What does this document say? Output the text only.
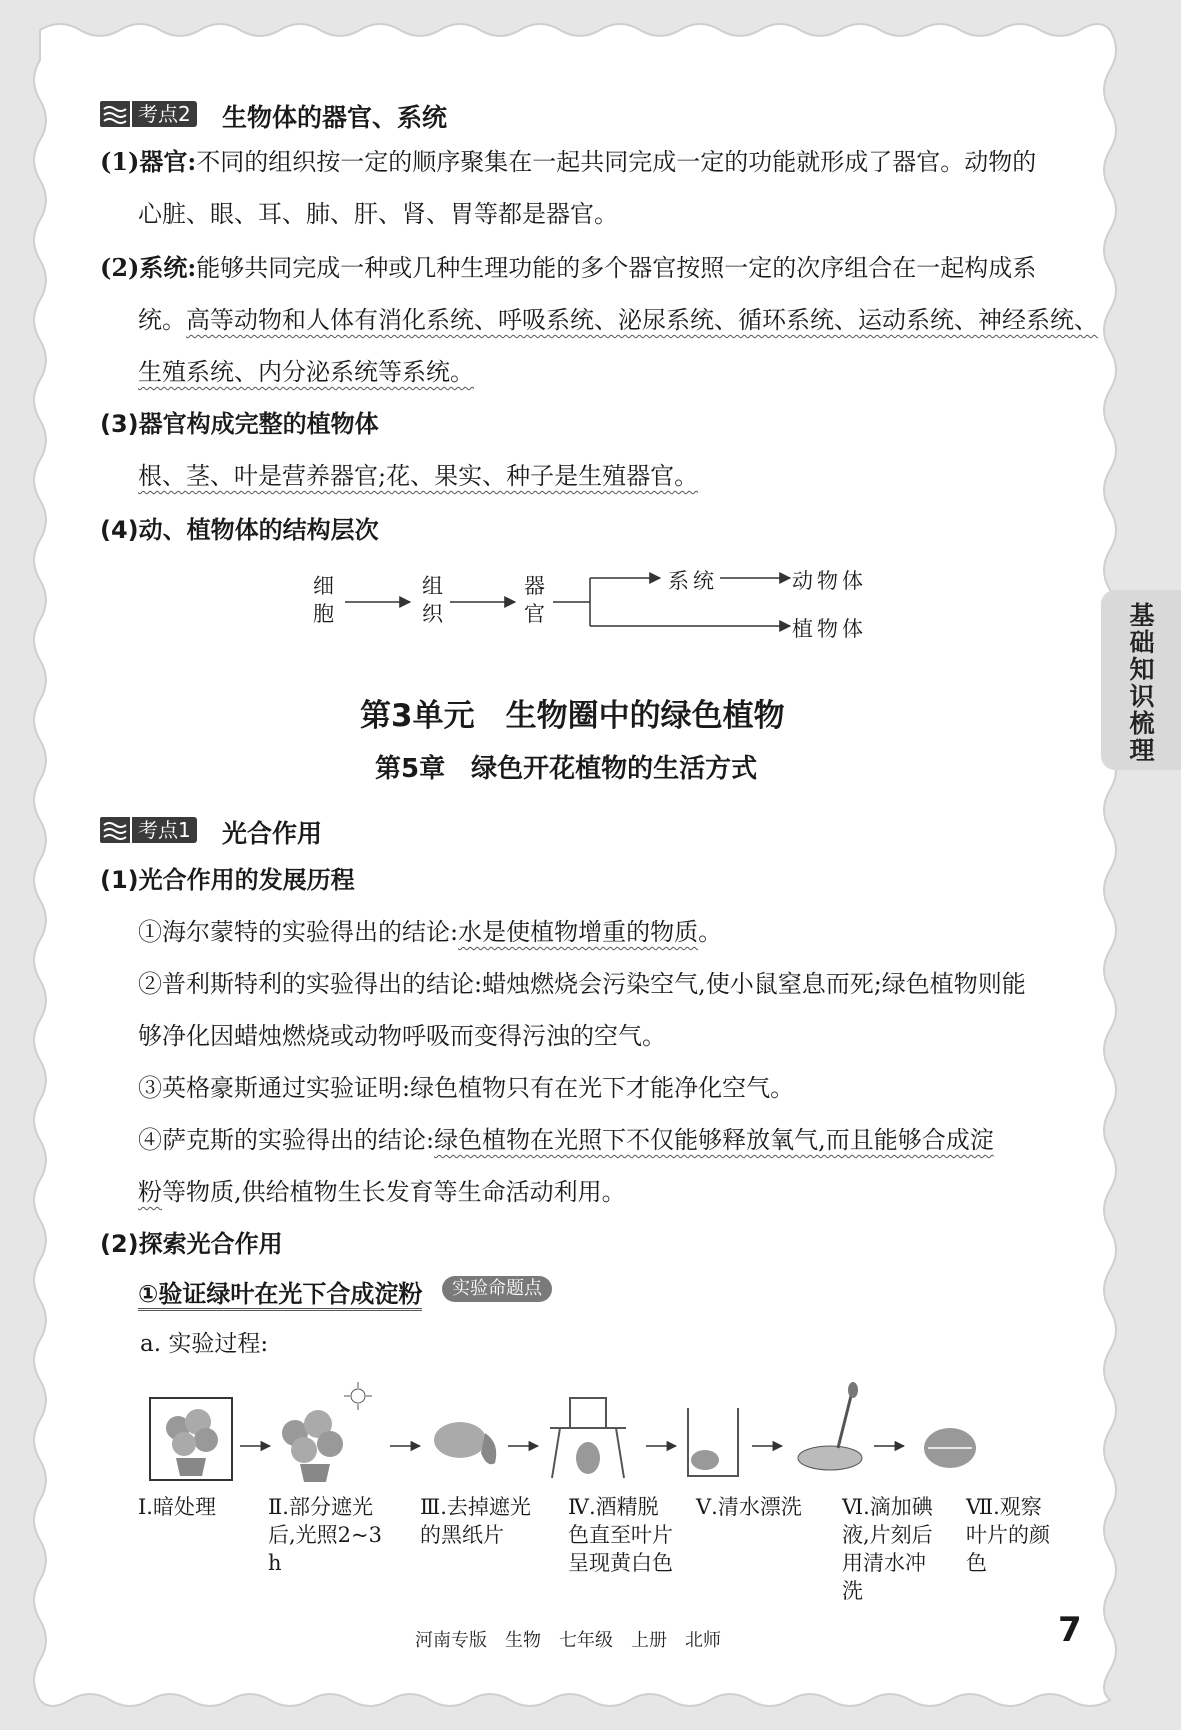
基础知识梳理
考点2 生物体的器官、系统
(1)器官:不同的组织按一定的顺序聚集在一起共同完成一定的功能就形成了器官。动物的
心脏、眼、耳、肺、肝、肾、胃等都是器官。
(2)系统:能够共同完成一种或几种生理功能的多个器官按照一定的次序组合在一起构成系
统。高等动物和人体有消化系统、呼吸系统、泌尿系统、循环系统、运动系统、神经系统、
生殖系统、内分泌系统等系统。
(3)器官构成完整的植物体
根、茎、叶是营养器官;花、果实、种子是生殖器官。
(4)动、植物体的结构层次
细
胞
组
织
器
官
系统	动物体
植物体
第3单元　生物圈中的绿色植物
第5章　绿色开花植物的生活方式
考点1 光合作用
(1)光合作用的发展历程
①海尔蒙特的实验得出的结论:水是使植物增重的物质。
②普利斯特利的实验得出的结论:蜡烛燃烧会污染空气,使小鼠窒息而死;绿色植物则能
够净化因蜡烛燃烧或动物呼吸而变得污浊的空气。
③英格豪斯通过实验证明:绿色植物只有在光下才能净化空气。
④萨克斯的实验得出的结论:绿色植物在光照下不仅能够释放氧气,而且能够合成淀
粉等物质,供给植物生长发育等生命活动利用。
(2)探索光合作用
①验证绿叶在光下合成淀粉	实验命题点
a. 实验过程:
Ⅰ.暗处理	Ⅱ.部分遮光后,光照2~3 h
Ⅲ.去掉遮光的黑纸片
Ⅳ.酒精脱色直至叶片呈现黄白色
Ⅴ.清水漂洗	Ⅵ.滴加碘液,片刻后用清水冲洗
Ⅶ.观察叶片的颜色
河南专版　生物　七年级　上册　北师	7
